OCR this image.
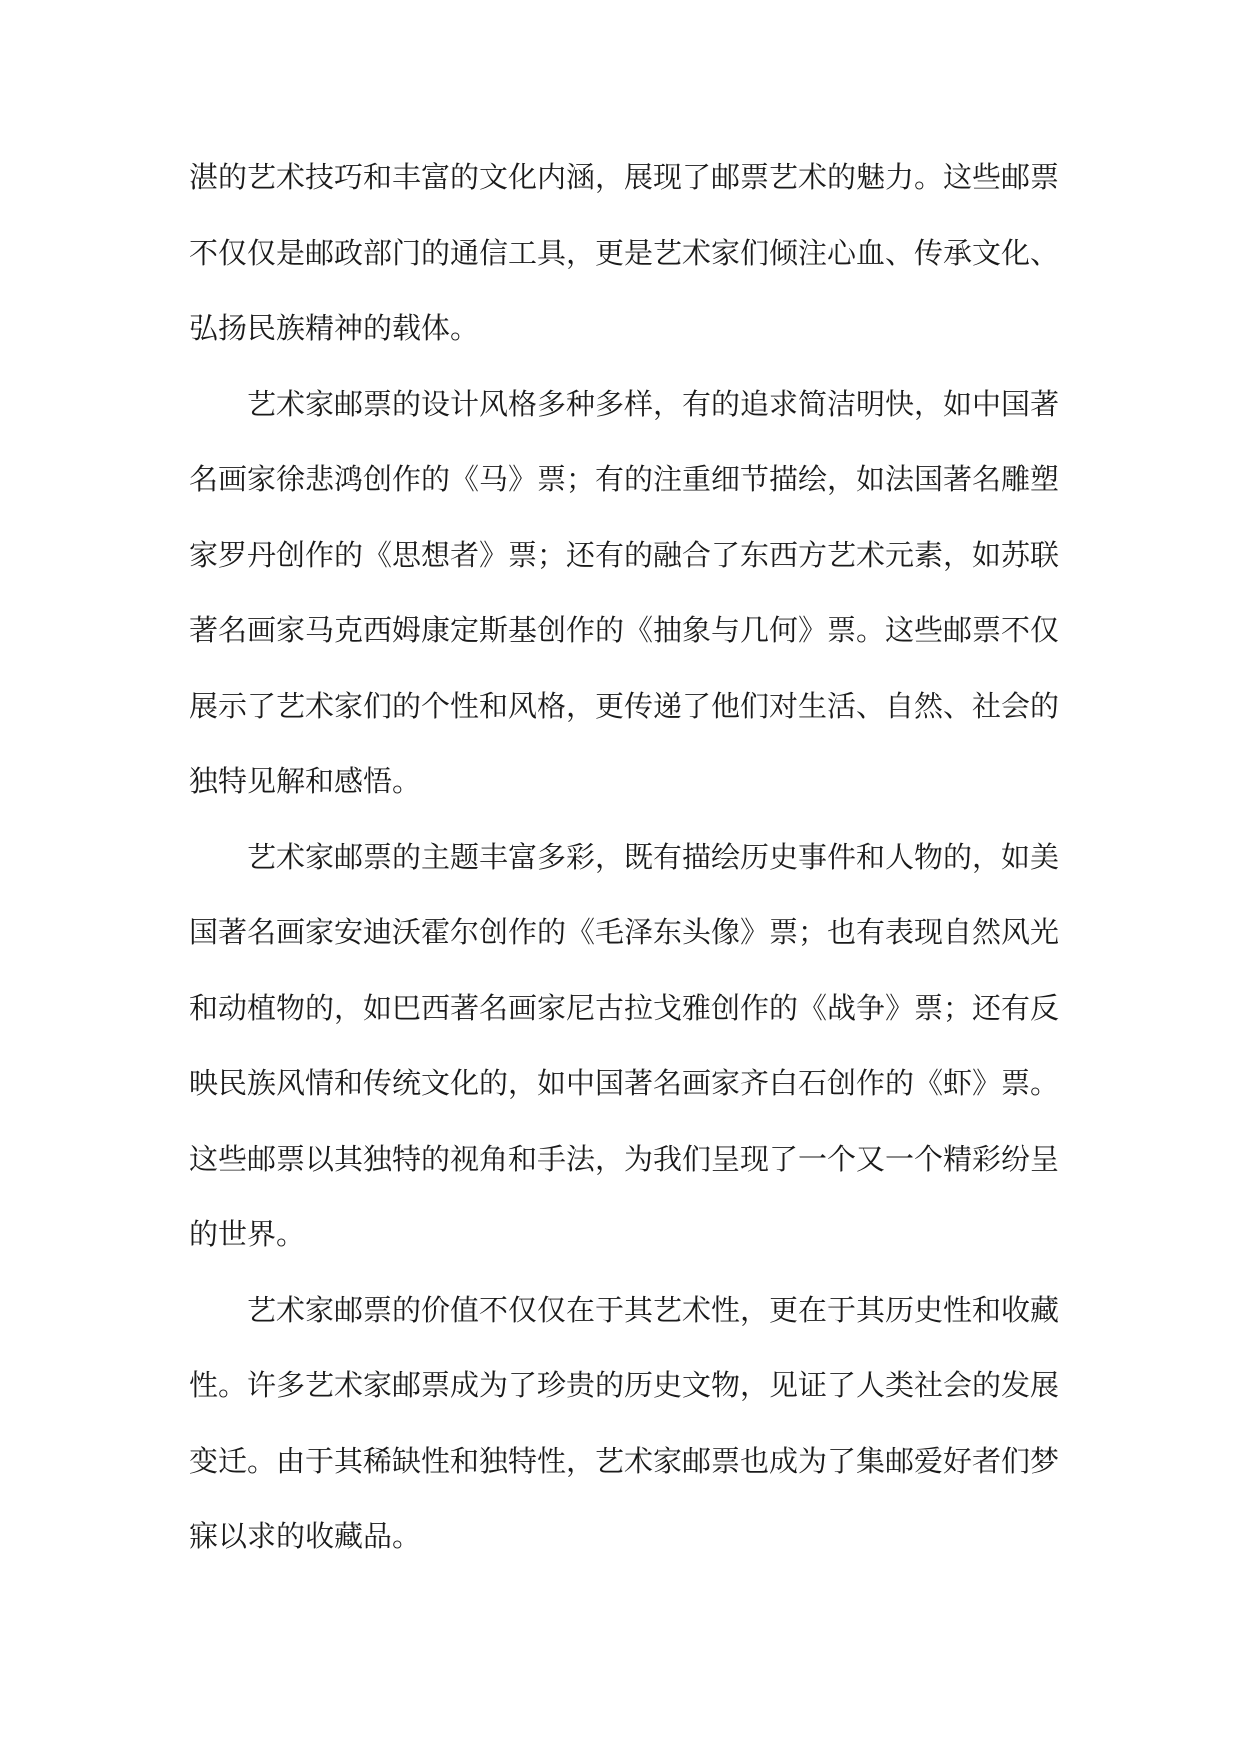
湛的艺术技巧和丰富的文化内涵，展现了邮票艺术的魅力。这些邮票
不仅仅是邮政部门的通信工具，更是艺术家们倾注心血、传承文化、
弘扬民族精神的载体。
艺术家邮票的设计风格多种多样，有的追求简洁明快，如中国著
名画家徐悲鸿创作的《马》票；有的注重细节描绘，如法国著名雕塑
家罗丹创作的《思想者》票；还有的融合了东西方艺术元素，如苏联
著名画家马克西姆康定斯基创作的《抽象与几何》票。这些邮票不仅
展示了艺术家们的个性和风格，更传递了他们对生活、自然、社会的
独特见解和感悟。
艺术家邮票的主题丰富多彩，既有描绘历史事件和人物的，如美
国著名画家安迪沃霍尔创作的《毛泽东头像》票；也有表现自然风光
和动植物的，如巴西著名画家尼古拉戈雅创作的《战争》票；还有反
映民族风情和传统文化的，如中国著名画家齐白石创作的《虾》票。
这些邮票以其独特的视角和手法，为我们呈现了一个又一个精彩纷呈
的世界。
艺术家邮票的价值不仅仅在于其艺术性，更在于其历史性和收藏
性。许多艺术家邮票成为了珍贵的历史文物，见证了人类社会的发展
变迁。由于其稀缺性和独特性，艺术家邮票也成为了集邮爱好者们梦
寐以求的收藏品。
